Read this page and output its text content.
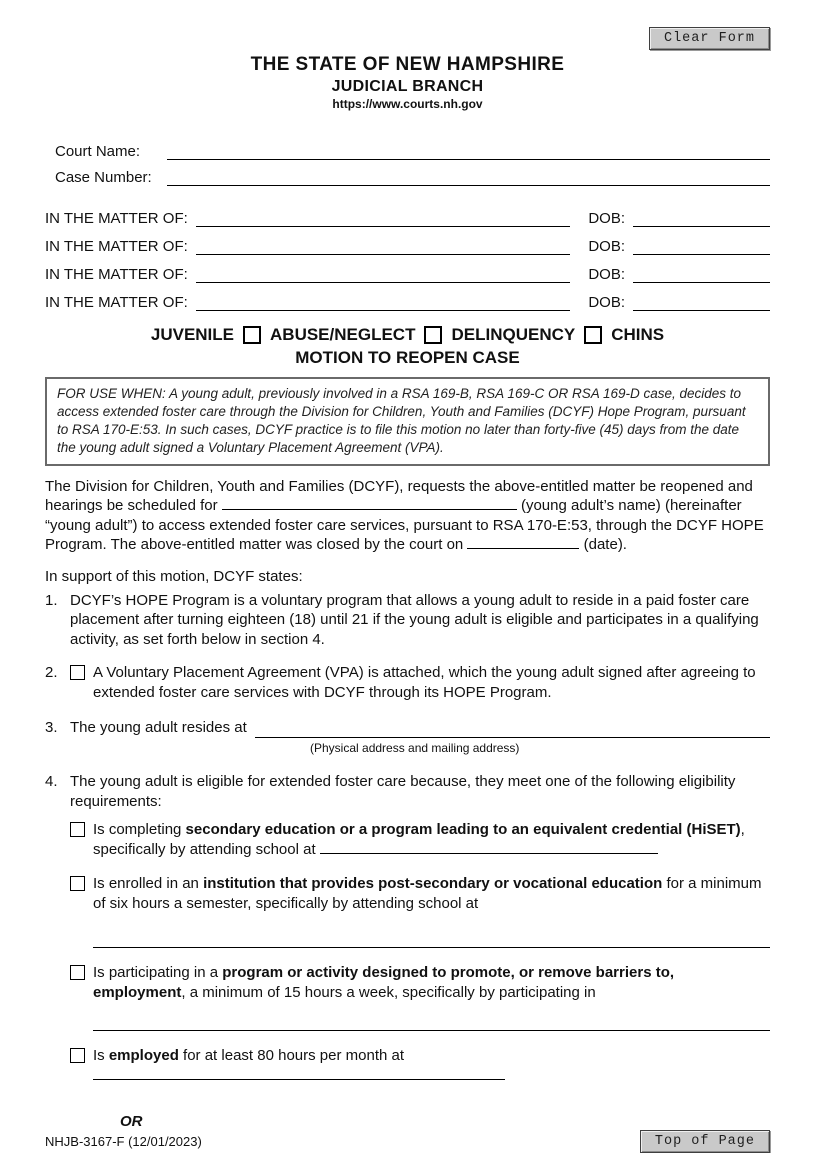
Clear Form
THE STATE OF NEW HAMPSHIRE
JUDICIAL BRANCH
https://www.courts.nh.gov
Court Name:
Case Number:
IN THE MATTER OF:	DOB:
IN THE MATTER OF:	DOB:
IN THE MATTER OF:	DOB:
IN THE MATTER OF:	DOB:
JUVENILE ABUSE/NEGLECT DELINQUENCY CHINS
MOTION TO REOPEN CASE
FOR USE WHEN: A young adult, previously involved in a RSA 169-B, RSA 169-C OR RSA 169-D case, decides to access extended foster care through the Division for Children, Youth and Families (DCYF) Hope Program, pursuant to RSA 170-E:53. In such cases, DCYF practice is to file this motion no later than forty-five (45) days from the date the young adult signed a Voluntary Placement Agreement (VPA).

The Division for Children, Youth and Families (DCYF), requests the above-entitled matter be reopened and hearings be scheduled for	(young adult’s name) (hereinafter “young adult”) to access extended foster care services, pursuant to RSA 170-E:53, through the DCYF HOPE Program. The above-entitled matter was closed by the court on	(date).

In support of this motion, DCYF states:
1. DCYF’s HOPE Program is a voluntary program that allows a young adult to reside in a paid foster care placement after turning eighteen (18) until 21 if the young adult is eligible and participates in a qualifying activity, as set forth below in section 4.
2.	A Voluntary Placement Agreement (VPA) is attached, which the young adult signed after agreeing to extended foster care services with DCYF through its HOPE Program.
3. The young adult resides at
(Physical address and mailing address)
4. The young adult is eligible for extended foster care because, they meet one of the following eligibility requirements:
Is completing secondary education or a program leading to an equivalent credential (HiSET), specifically by attending school at
Is enrolled in an institution that provides post-secondary or vocational education for a minimum of six hours a semester, specifically by attending school at
Is participating in a program or activity designed to promote, or remove barriers to, employment, a minimum of 15 hours a week, specifically by participating in
Is employed for at least 80 hours per month at
OR
NHJB-3167-F (12/01/2023)	Top of Page
